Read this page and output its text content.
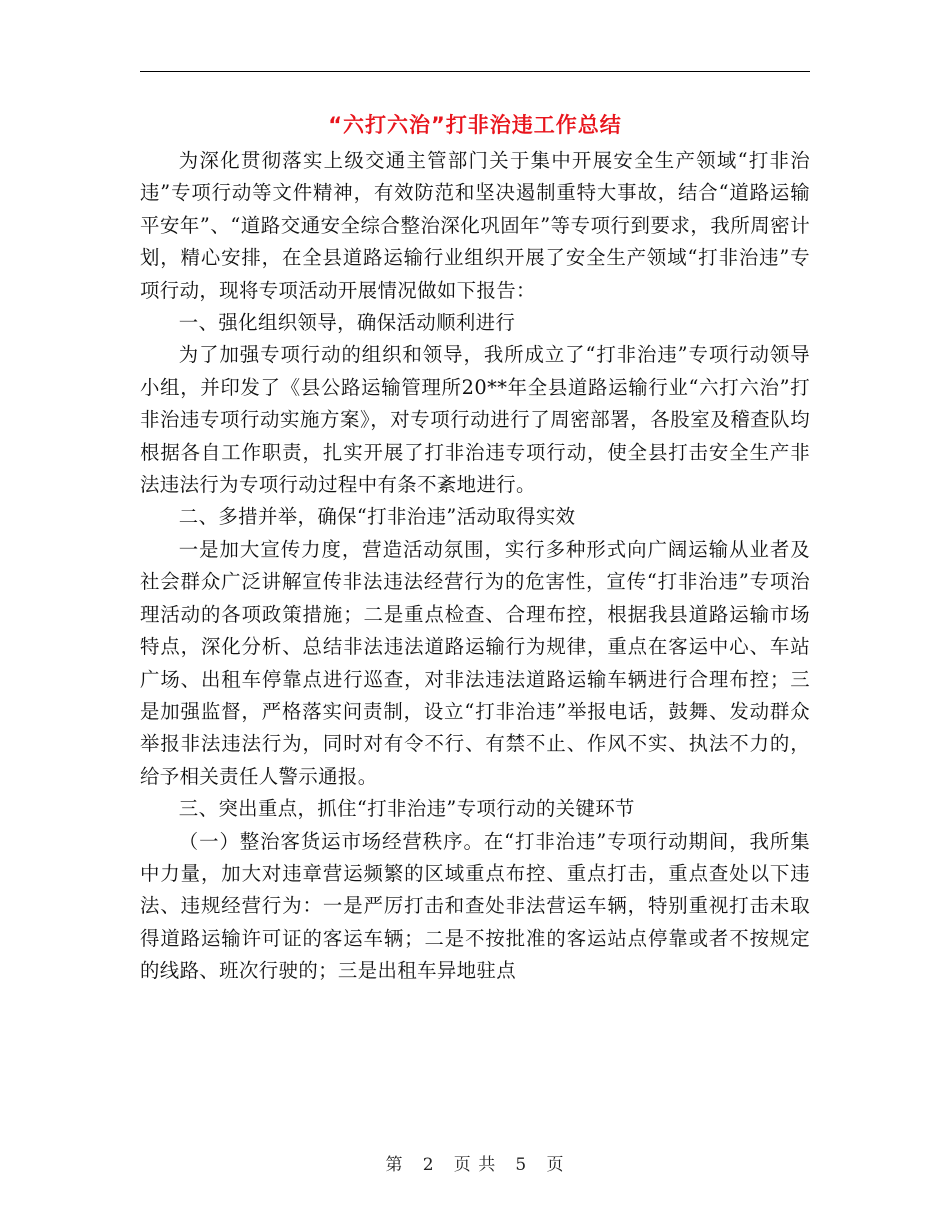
“六打六治”打非治违工作总结

为深化贯彻落实上级交通主管部门关于集中开展安全生产领域“打非治违”专项行动等文件精神，有效防范和坚决遏制重特大事故，结合“道路运输平安年”、“道路交通安全综合整治深化巩固年”等专项行到要求，我所周密计划，精心安排，在全县道路运输行业组织开展了安全生产领域“打非治违”专项行动，现将专项活动开展情况做如下报告：

一、强化组织领导，确保活动顺利进行

为了加强专项行动的组织和领导，我所成立了“打非治违”专项行动领导小组，并印发了《县公路运输管理所20**年全县道路运输行业“六打六治”打非治违专项行动实施方案》，对专项行动进行了周密部署，各股室及稽查队均根据各自工作职责，扎实开展了打非治违专项行动，使全县打击安全生产非法违法行为专项行动过程中有条不紊地进行。

二、多措并举，确保“打非治违”活动取得实效

一是加大宣传力度，营造活动氛围，实行多种形式向广阔运输从业者及社会群众广泛讲解宣传非法违法经营行为的危害性，宣传“打非治违”专项治理活动的各项政策措施；二是重点检查、合理布控，根据我县道路运输市场特点，深化分析、总结非法违法道路运输行为规律，重点在客运中心、车站广场、出租车停靠点进行巡查，对非法违法道路运输车辆进行合理布控；三是加强监督，严格落实问责制，设立“打非治违”举报电话，鼓舞、发动群众举报非法违法行为，同时对有令不行、有禁不止、作风不实、执法不力的，给予相关责任人警示通报。

三、突出重点，抓住“打非治违”专项行动的关键环节

（一）整治客货运市场经营秩序。在“打非治违”专项行动期间，我所集中力量，加大对违章营运频繁的区域重点布控、重点打击，重点查处以下违法、违规经营行为：一是严厉打击和查处非法营运车辆，特别重视打击未取得道路运输许可证的客运车辆；二是不按批准的客运站点停靠或者不按规定的线路、班次行驶的；三是出租车异地驻点

第 2 页 共 5 页
